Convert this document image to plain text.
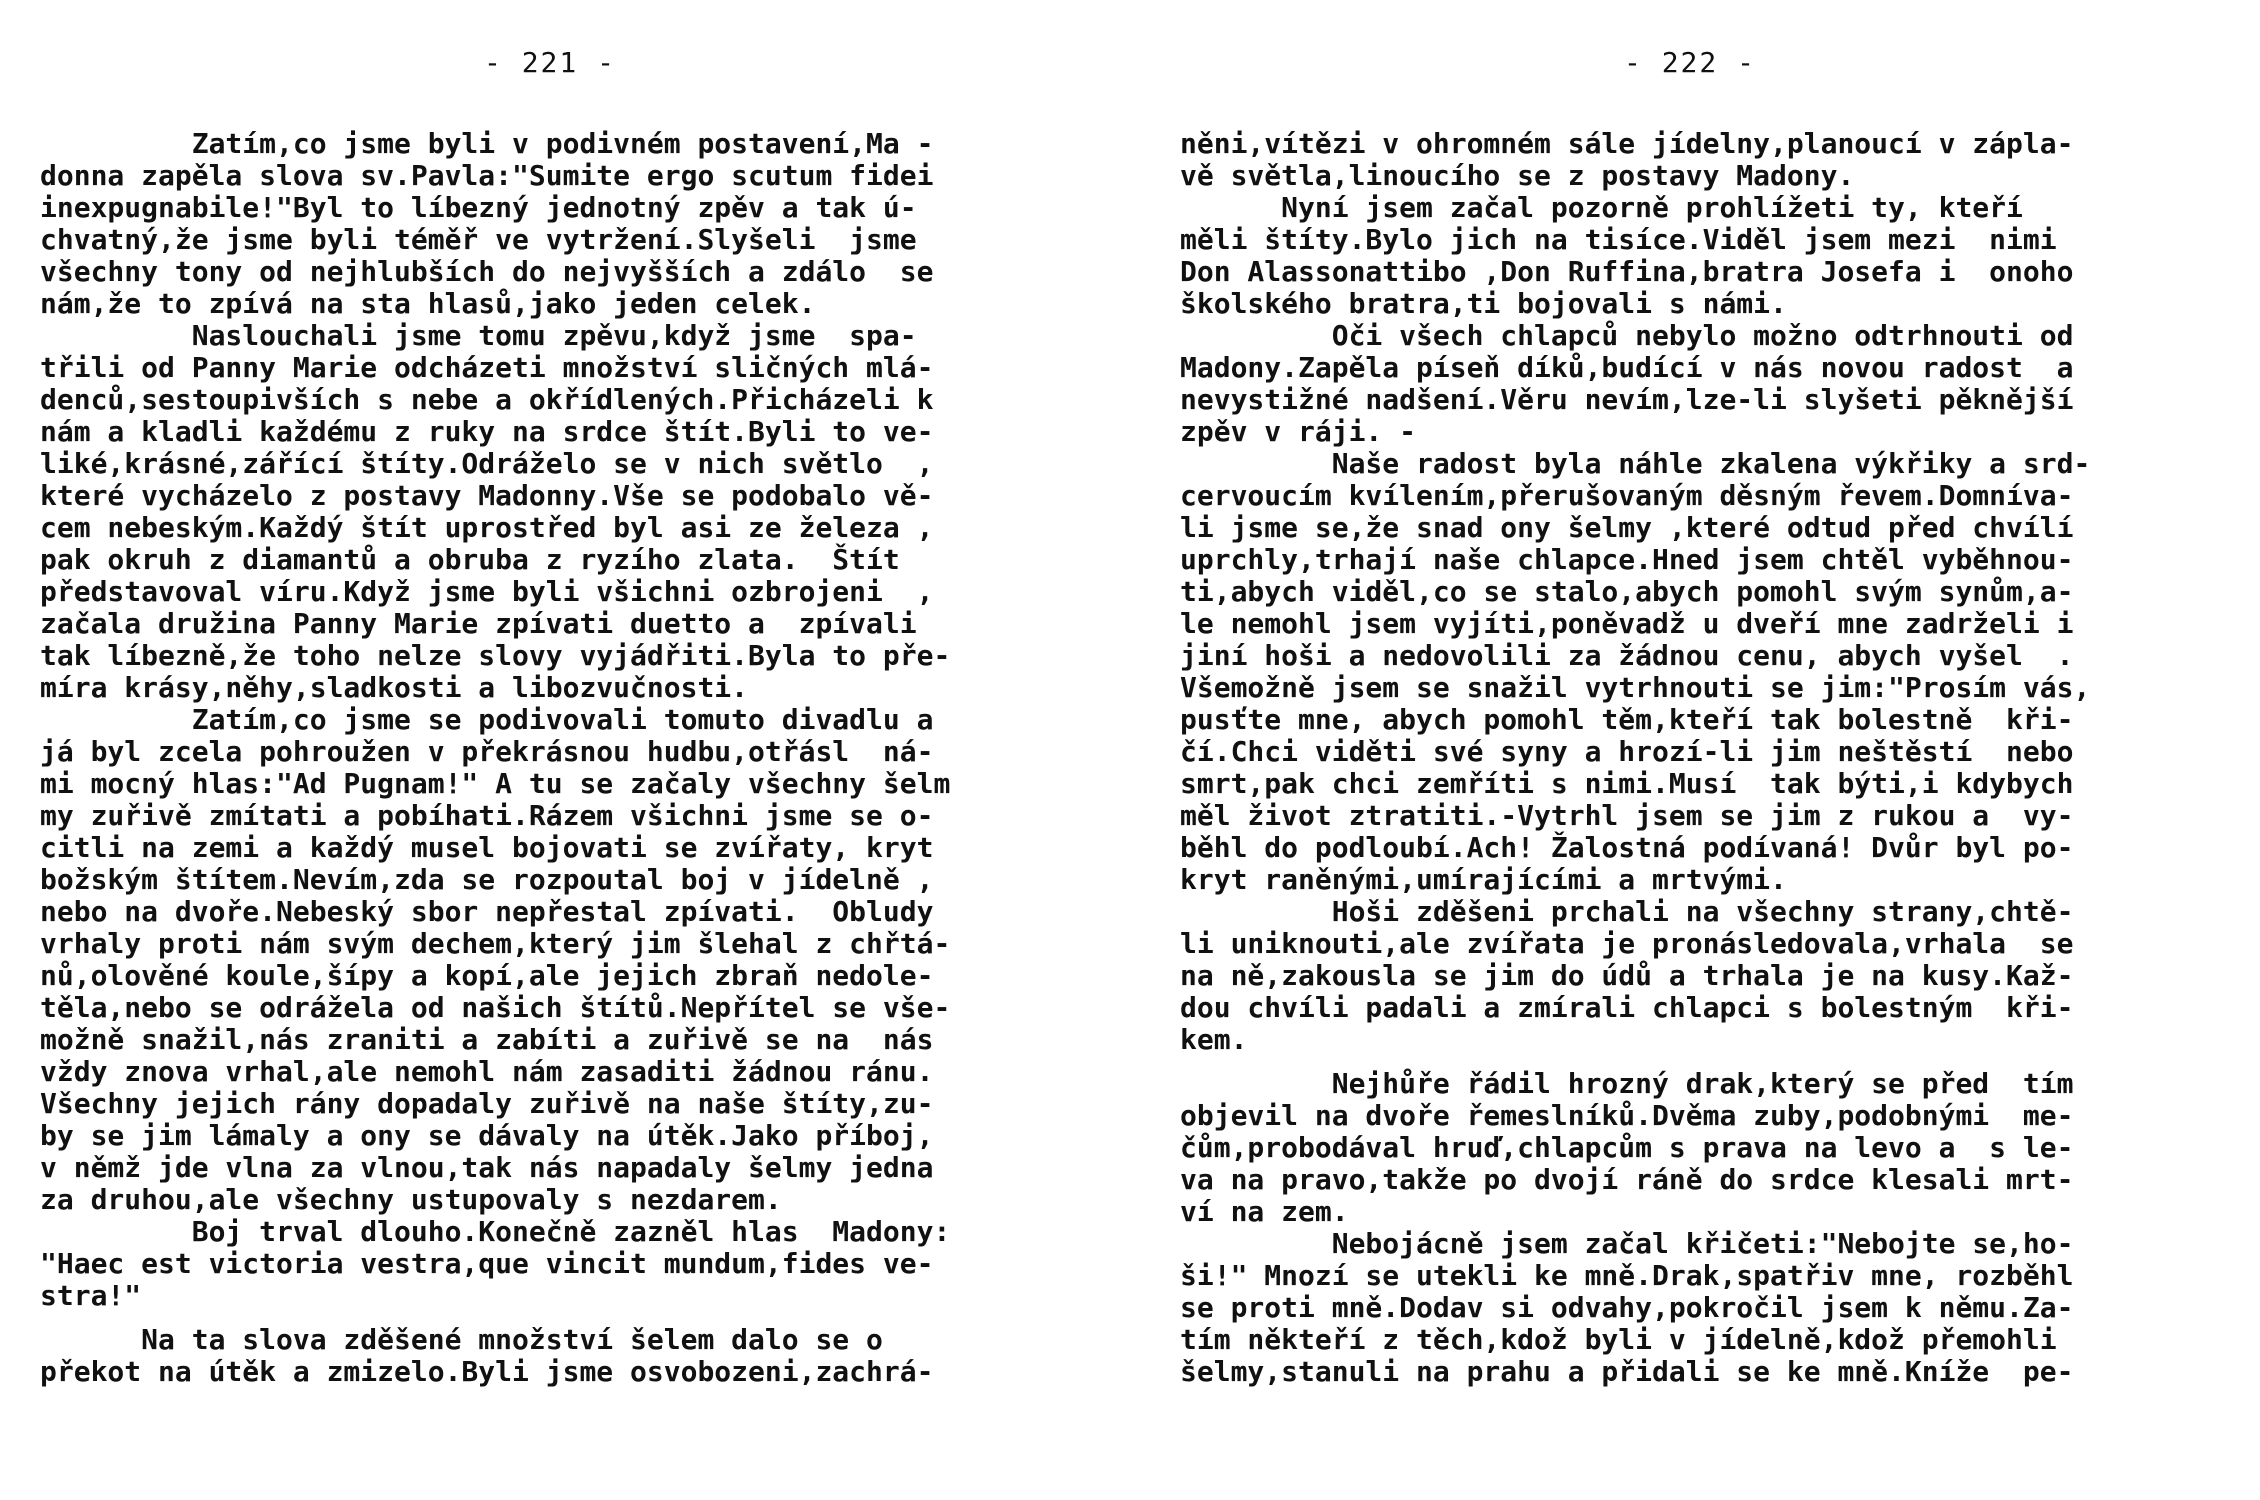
- 221 -
Zatím,co jsme byli v podivném postavení,Ma -
donna zapěla slova sv.Pavla:"Sumite ergo scutum fidei
inexpugnabile!"Byl to líbezný jednotný zpěv a tak ú-
chvatný,že jsme byli téměř ve vytržení.Slyšeli  jsme
všechny tony od nejhlubších do nejvyšších a zdálo  se
nám,že to zpívá na sta hlasů,jako jeden celek.
Naslouchali jsme tomu zpěvu,když jsme  spa-
třili od Panny Marie odcházeti množství sličných mlá-
denců,sestoupivších s nebe a okřídlených.Přicházeli k
nám a kladli každému z ruky na srdce štít.Byli to ve-
liké,krásné,zářící štíty.Odráželo se v nich světlo  ,
které vycházelo z postavy Madonny.Vše se podobalo vě-
cem nebeským.Každý štít uprostřed byl asi ze železa ,
pak okruh z diamantů a obruba z ryzího zlata.  Štít
představoval víru.Když jsme byli všichni ozbrojeni  ,
začala družina Panny Marie zpívati duetto a  zpívali
tak líbezně,že toho nelze slovy vyjádřiti.Byla to pře-
míra krásy,něhy,sladkosti a libozvučnosti.
Zatím,co jsme se podivovali tomuto divadlu a
já byl zcela pohroužen v překrásnou hudbu,otřásl  ná-
mi mocný hlas:"Ad Pugnam!" A tu se začaly všechny šelm
my zuřivě zmítati a pobíhati.Rázem všichni jsme se o-
citli na zemi a každý musel bojovati se zvířaty, kryt
božským štítem.Nevím,zda se rozpoutal boj v jídelně ,
nebo na dvoře.Nebeský sbor nepřestal zpívati.  Obludy
vrhaly proti nám svým dechem,který jim šlehal z chřtá-
nů,olověné koule,šípy a kopí,ale jejich zbraň nedole-
těla,nebo se odrážela od našich štítů.Nepřítel se vše-
možně snažil,nás zraniti a zabíti a zuřivě se na  nás
vždy znova vrhal,ale nemohl nám zasaditi žádnou ránu.
Všechny jejich rány dopadaly zuřivě na naše štíty,zu-
by se jim lámaly a ony se dávaly na útěk.Jako příboj,
v němž jde vlna za vlnou,tak nás napadaly šelmy jedna
za druhou,ale všechny ustupovaly s nezdarem.
Boj trval dlouho.Konečně zazněl hlas  Madony:
"Haec est victoria vestra,que vincit mundum,fides ve-
stra!"
Na ta slova zděšené množství šelem dalo se o
překot na útěk a zmizelo.Byli jsme osvobozeni,zachrá-
- 222 -
něni,vítězi v ohromném sále jídelny,planoucí v zápla-
vě světla,linoucího se z postavy Madony.
Nyní jsem začal pozorně prohlížeti ty, kteří
měli štíty.Bylo jich na tisíce.Viděl jsem mezi  nimi
Don Alassonattibo ,Don Ruffina,bratra Josefa i  onoho
školského bratra,ti bojovali s námi.
Oči všech chlapců nebylo možno odtrhnouti od
Madony.Zapěla píseň díků,budící v nás novou radost  a
nevystižné nadšení.Věru nevím,lze-li slyšeti pěknější
zpěv v ráji. -
Naše radost byla náhle zkalena výkřiky a srd-
cervoucím kvílením,přerušovaným děsným řevem.Domníva-
li jsme se,že snad ony šelmy ,které odtud před chvílí
uprchly,trhají naše chlapce.Hned jsem chtěl vyběhnou-
ti,abych viděl,co se stalo,abych pomohl svým synům,a-
le nemohl jsem vyjíti,poněvadž u dveří mne zadrželi i
jiní hoši a nedovolili za žádnou cenu, abych vyšel  .
Všemožně jsem se snažil vytrhnouti se jim:"Prosím vás,
pusťte mne, abych pomohl těm,kteří tak bolestně  kři-
čí.Chci viděti své syny a hrozí-li jim neštěstí  nebo
smrt,pak chci zemříti s nimi.Musí  tak býti,i kdybych
měl život ztratiti.-Vytrhl jsem se jim z rukou a  vy-
běhl do podloubí.Ach! Žalostná podívaná! Dvůr byl po-
kryt raněnými,umírajícími a mrtvými.
Hoši zděšeni prchali na všechny strany,chtě-
li uniknouti,ale zvířata je pronásledovala,vrhala  se
na ně,zakousla se jim do údů a trhala je na kusy.Kaž-
dou chvíli padali a zmírali chlapci s bolestným  kři-
kem.
Nejhůře řádil hrozný drak,který se před  tím
objevil na dvoře řemeslníků.Dvěma zuby,podobnými  me-
čům,probodával hruď,chlapcům s prava na levo a  s le-
va na pravo,takže po dvojí ráně do srdce klesali mrt-
ví na zem.
Nebojácně jsem začal křičeti:"Nebojte se,ho-
ši!" Mnozí se utekli ke mně.Drak,spatřiv mne, rozběhl
se proti mně.Dodav si odvahy,pokročil jsem k němu.Za-
tím někteří z těch,kdož byli v jídelně,kdož přemohli
šelmy,stanuli na prahu a přidali se ke mně.Kníže  pe-
